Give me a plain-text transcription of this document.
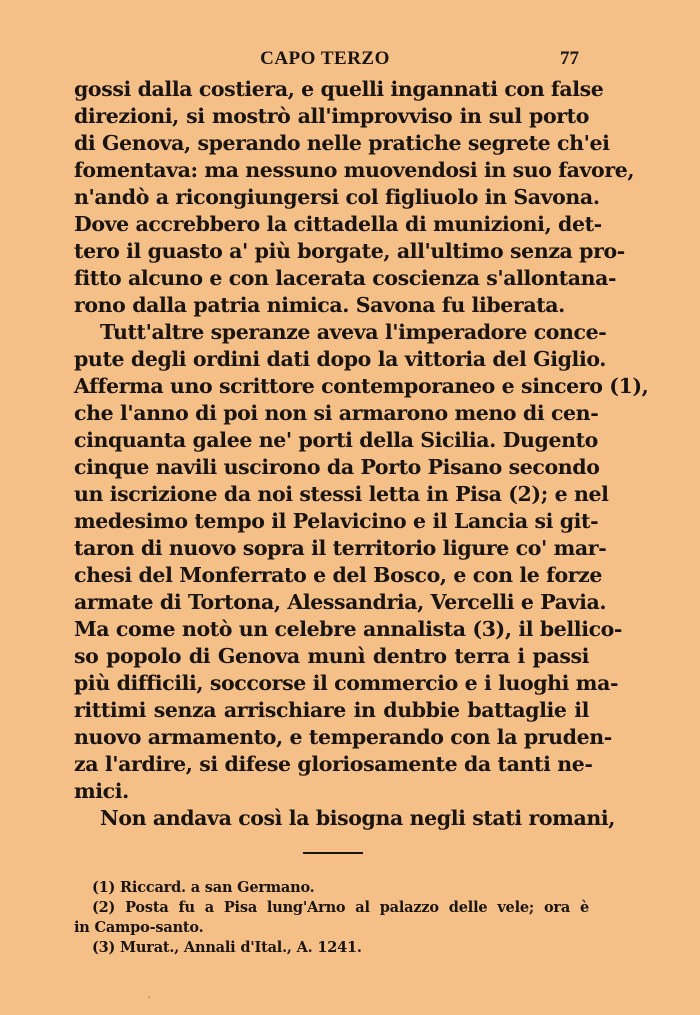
CAPO TERZO	77
gossi dalla costiera, e quelli ingannati con false
direzioni, si mostrò all'improvviso in sul porto
di Genova, sperando nelle pratiche segrete ch'ei
fomentava: ma nessuno muovendosi in suo favore,
n'andò a ricongiungersi col figliuolo in Savona.
Dove accrebbero la cittadella di munizioni, det-
tero il guasto a' più borgate, all'ultimo senza pro-
fitto alcuno e con lacerata coscienza s'allontana-
rono dalla patria nimica. Savona fu liberata.
Tutt'altre speranze aveva l'imperadore conce-
pute degli ordini dati dopo la vittoria del Giglio.
Afferma uno scrittore contemporaneo e sincero (1),
che l'anno di poi non si armarono meno di cen-
cinquanta galee ne' porti della Sicilia. Dugento
cinque navili uscirono da Porto Pisano secondo
un iscrizione da noi stessi letta in Pisa (2); e nel
medesimo tempo il Pelavicino e il Lancia si git-
taron di nuovo sopra il territorio ligure co' mar-
chesi del Monferrato e del Bosco, e con le forze
armate di Tortona, Alessandria, Vercelli e Pavia.
Ma come notò un celebre annalista (3), il bellico-
so popolo di Genova munì dentro terra i passi
più difficili, soccorse il commercio e i luoghi ma-
rittimi senza arrischiare in dubbie battaglie il
nuovo armamento, e temperando con la pruden-
za l'ardire, si difese gloriosamente da tanti ne-
mici.
Non andava così la bisogna negli stati romani,
(1) Riccard. a san Germano.
(2) Posta fu a Pisa lung'Arno al palazzo delle vele; ora è
in Campo-santo.
(3) Murat., Annali d'Ital., A. 1241.
